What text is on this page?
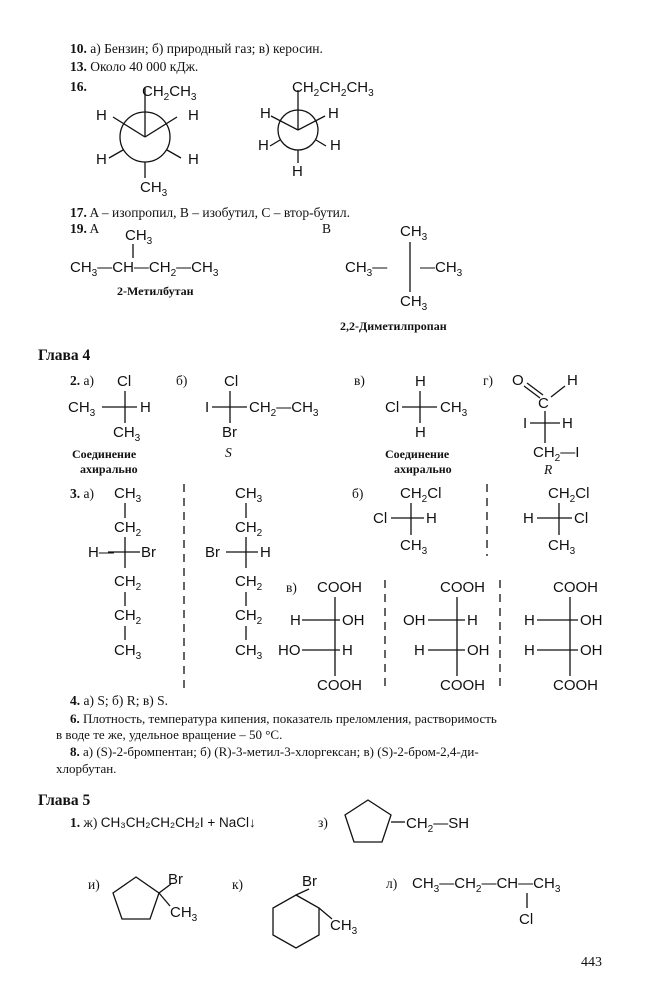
10. а) Бензин; б) природный газ; в) керосин.
13. Около 40 000 кДж.
16.
17. A – изопропил, B – изобутил, C – втор-бутил.
19. A	B
2-Метилбутан
2,2-Диметилпропан
Глава 4
2. а)	б)	в)	г)
Соединение
ахирально
S	Соединение
ахирально	R
3. а)	б)
в)
4. а) S; б) R; в) S.
6. Плотность, температура кипения, показатель преломления, растворимость
в воде те же, удельное вращение – 50 °C.
8. а) (S)-2-бромпентан; б) (R)-3-метил-3-хлоргексан; в) (S)-2-бром-2,4-ди-
хлорбутан.
Глава 5
1. ж) CH₃CH₂CH₂CH₂I + NaCl↓	з)
и)	к)	л)
443
$CH_2CH_3$
H	H
H	H
$CH_3$
$CH_2CH_2CH_3$
H	H
H	H
H
$CH_3—CH—CH_2—CH_3$
$CH_3$
$CH_3—$ $—CH_3$
$CH_3$
$CH_3$
Cl
$CH_3$	H
$CH_3$
Cl
I	$CH_2—CH_3$
Br
H
Cl	$CH_3$
H
O
C
H
I H
$CH_2—I$
$CH_3$
$CH_2$
H— Br
$CH_2$
$CH_2$
$CH_3$
$CH_3$
$CH_2$
Br	H
$CH_2$
$CH_2$
$CH_3$
$CH_2Cl$
Cl	H
$CH_3$
$CH_2Cl$
H	Cl
$CH_3$
COOH
H	OH
HO	H
COOH
COOH
OH	H
H	OH
COOH
COOH
H	OH
H	OH
COOH
$CH_2—SH$
Br
$CH_3$
Br
$CH_3$
$CH_3—CH_2—CH—CH_3$
Cl
